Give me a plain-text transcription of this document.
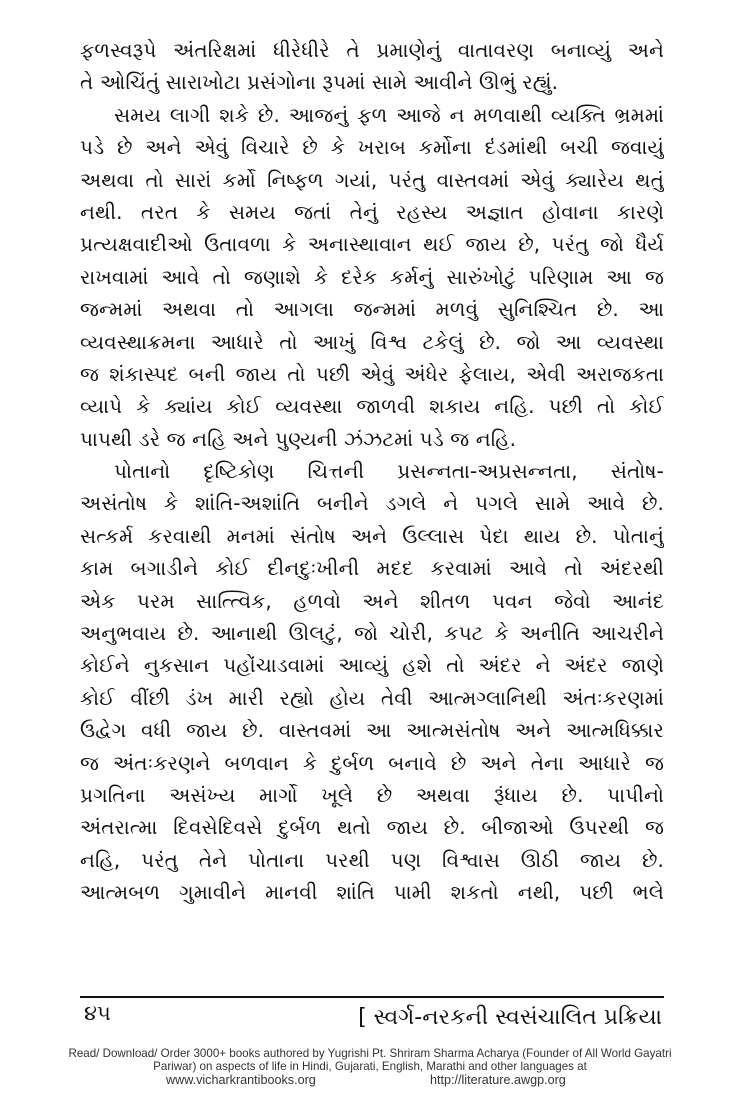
ફળસ્વરૂપે અંતરિક્ષમાં ધીરેધીરે તે પ્રમાણેનું વાતાવરણ બનાવ્યું અને
તે ઓચિંતું સારાખોટા પ્રસંગોના રૂપમાં સામે આવીને ઊભું રહ્યું.
સમય લાગી શકે છે. આજનું ફળ આજે ન મળવાથી વ્યક્તિ ભ્રમમાં
પડે છે અને એવું વિચારે છે કે ખરાબ કર્મોના દંડમાંથી બચી જવાયું
અથવા તો સારાં કર્મો નિષ્ફળ ગયાં, પરંતુ વાસ્તવમાં એવું ક્યારેય થતું
નથી. તરત કે સમય જતાં તેનું રહસ્ય અજ્ઞાત હોવાના કારણે
પ્રત્યક્ષવાદીઓ ઉતાવળા કે અનાસ્થાવાન થઈ જાય છે, પરંતુ જો ધૈર્ય
રાખવામાં આવે તો જણાશે કે દરેક કર્મનું સારુંખોટું પરિણામ આ જ
જન્મમાં અથવા તો આગલા જન્મમાં મળવું સુનિશ્ચિત છે. આ
વ્યવસ્થાક્રમના આધારે તો આખું વિશ્વ ટકેલું છે. જો આ વ્યવસ્થા
જ શંકાસ્પદ બની જાય તો પછી એવું અંધેર ફેલાય, એવી અરાજકતા
વ્યાપે કે ક્યાંય કોઈ વ્યવસ્થા જાળવી શકાય નહિ. પછી તો કોઈ
પાપથી ડરે જ નહિ અને પુણ્યની ઝંઝટમાં પડે જ નહિ.
પોતાનો દૃષ્ટિકોણ ચિત્તની પ્રસન્નતા-અપ્રસન્નતા, સંતોષ-
અસંતોષ કે શાંતિ-અશાંતિ બનીને ડગલે ને પગલે સામે આવે છે.
સત્કર્મ કરવાથી મનમાં સંતોષ અને ઉલ્લાસ પેદા થાય છે. પોતાનું
કામ બગાડીને કોઈ દીનદુઃખીની મદદ કરવામાં આવે તો અંદરથી
એક પરમ સાત્ત્વિક, હળવો અને શીતળ પવન જેવો આનંદ
અનુભવાય છે. આનાથી ઊલટું, જો ચોરી, કપટ કે અનીતિ આચરીને
કોઈને નુકસાન પહોંચાડવામાં આવ્યું હશે તો અંદર ને અંદર જાણે
કોઈ વીંછી ડંખ મારી રહ્યો હોય તેવી આત્મગ્લાનિથી અંતઃકરણમાં
ઉદ્વેગ વધી જાય છે. વાસ્તવમાં આ આત્મસંતોષ અને આત્મધિક્કાર
જ અંતઃકરણને બળવાન કે દુર્બળ બનાવે છે અને તેના આધારે જ
પ્રગતિના અસંખ્ય માર્ગો ખૂલે છે અથવા રૂંધાય છે. પાપીનો
અંતરાત્મા દિવસેદિવસે દુર્બળ થતો જાય છે. બીજાઓ ઉપરથી જ
નહિ, પરંતુ તેને પોતાના પરથી પણ વિશ્વાસ ઊઠી જાય છે.
આત્મબળ ગુમાવીને માનવી શાંતિ પામી શકતો નથી, પછી ભલે
૪૫	[ સ્વર્ગ-નરકની સ્વસંચાલિત પ્રક્રિયા
Read/ Download/ Order 3000+ books authored by Yugrishi Pt. Shriram Sharma Acharya (Founder of All World Gayatri Pariwar) on aspects of life in Hindi, Gujarati, English, Marathi and other languages at
www.vicharkrantibooks.org	http://literature.awgp.org
